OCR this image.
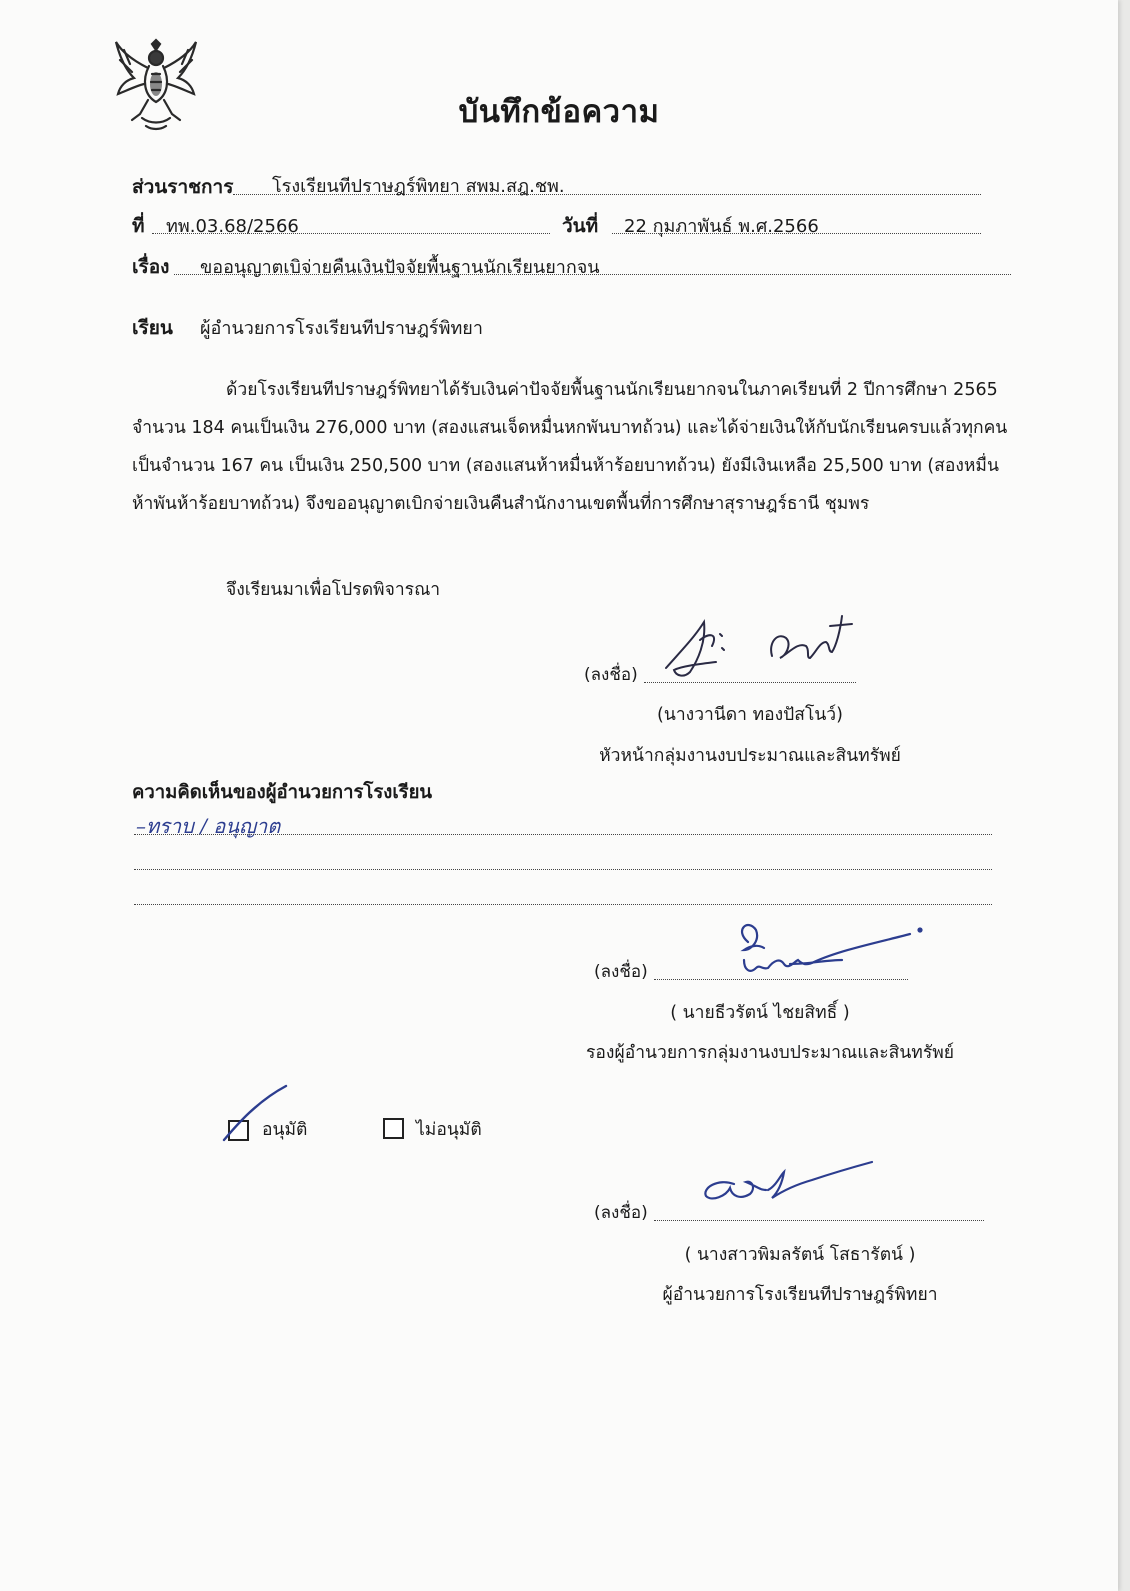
บันทึกข้อความ
ส่วนราชการ โรงเรียนทีปราษฎร์พิทยา สพม.สฎ.ชพ.
ที่ ทพ.03.68/2566	วันที่ 22 กุมภาพันธ์ พ.ศ.2566
เรื่อง ขออนุญาตเบิจ่ายคืนเงินปัจจัยพื้นฐานนักเรียนยากจน
เรียน ผู้อำนวยการโรงเรียนทีปราษฎร์พิทยา
ด้วยโรงเรียนทีปราษฎร์พิทยาได้รับเงินค่าปัจจัยพื้นฐานนักเรียนยากจนในภาคเรียนที่ 2 ปีการศึกษา 2565
จำนวน 184 คนเป็นเงิน 276,000 บาท (สองแสนเจ็ดหมื่นหกพันบาทถ้วน) และได้จ่ายเงินให้กับนักเรียนครบแล้วทุกคน
เป็นจำนวน 167 คน เป็นเงิน 250,500 บาท (สองแสนห้าหมื่นห้าร้อยบาทถ้วน) ยังมีเงินเหลือ 25,500 บาท (สองหมื่น
ห้าพันห้าร้อยบาทถ้วน) จึงขออนุญาตเบิกจ่ายเงินคืนสำนักงานเขตพื้นที่การศึกษาสุราษฎร์ธานี ชุมพร
จึงเรียนมาเพื่อโปรดพิจารณา
(ลงชื่อ)
(นางวานีดา ทองปัสโนว์)
หัวหน้ากลุ่มงานงบประมาณและสินทรัพย์
ความคิดเห็นของผู้อำนวยการโรงเรียน
–ทราบ / อนุญาต
(ลงชื่อ)
( นายธีวรัตน์ ไชยสิทธิ์ )
รองผู้อำนวยการกลุ่มงานงบประมาณและสินทรัพย์
อนุมัติ	ไม่อนุมัติ
(ลงชื่อ)
( นางสาวพิมลรัตน์ โสธารัตน์ )
ผู้อำนวยการโรงเรียนทีปราษฎร์พิทยา
